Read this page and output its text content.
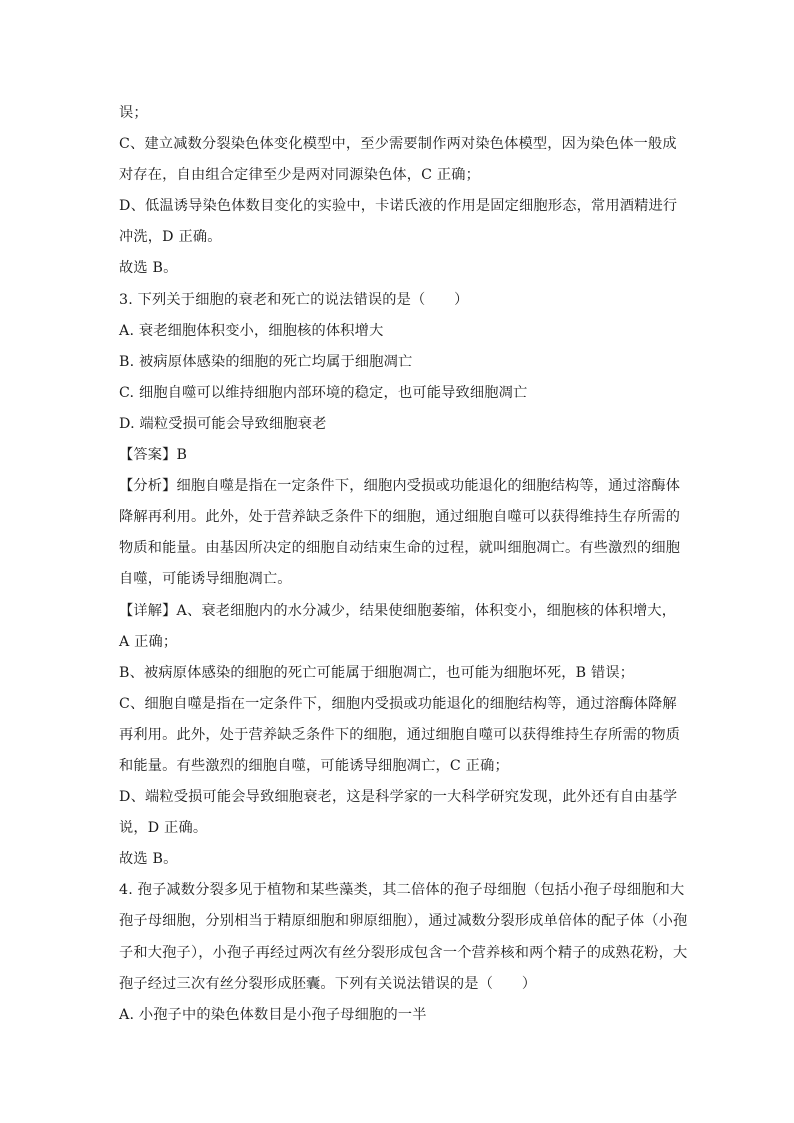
误；
C、建立减数分裂染色体变化模型中，至少需要制作两对染色体模型，因为染色体一般成
对存在，自由组合定律至少是两对同源染色体，C 正确；
D、低温诱导染色体数目变化的实验中，卡诺氏液的作用是固定细胞形态，常用酒精进行
冲洗，D 正确。
故选 B。
3. 下列关于细胞的衰老和死亡的说法错误的是（　　）
A. 衰老细胞体积变小，细胞核的体积增大
B. 被病原体感染的细胞的死亡均属于细胞凋亡
C. 细胞自噬可以维持细胞内部环境的稳定，也可能导致细胞凋亡
D. 端粒受损可能会导致细胞衰老
【答案】B
【分析】细胞自噬是指在一定条件下，细胞内受损或功能退化的细胞结构等，通过溶酶体
降解再利用。此外，处于营养缺乏条件下的细胞，通过细胞自噬可以获得维持生存所需的
物质和能量。由基因所决定的细胞自动结束生命的过程，就叫细胞凋亡。有些激烈的细胞
自噬，可能诱导细胞凋亡。
【详解】A、衰老细胞内的水分减少，结果使细胞萎缩，体积变小，细胞核的体积增大，
A 正确；
B、被病原体感染的细胞的死亡可能属于细胞凋亡，也可能为细胞坏死，B 错误；
C、细胞自噬是指在一定条件下，细胞内受损或功能退化的细胞结构等，通过溶酶体降解
再利用。此外，处于营养缺乏条件下的细胞，通过细胞自噬可以获得维持生存所需的物质
和能量。有些激烈的细胞自噬，可能诱导细胞凋亡，C 正确；
D、端粒受损可能会导致细胞衰老，这是科学家的一大科学研究发现，此外还有自由基学
说，D 正确。
故选 B。
4. 孢子减数分裂多见于植物和某些藻类，其二倍体的孢子母细胞（包括小孢子母细胞和大
孢子母细胞，分别相当于精原细胞和卵原细胞），通过减数分裂形成单倍体的配子体（小孢
子和大孢子），小孢子再经过两次有丝分裂形成包含一个营养核和两个精子的成熟花粉，大
孢子经过三次有丝分裂形成胚囊。下列有关说法错误的是（　　）
A. 小孢子中的染色体数目是小孢子母细胞的一半
